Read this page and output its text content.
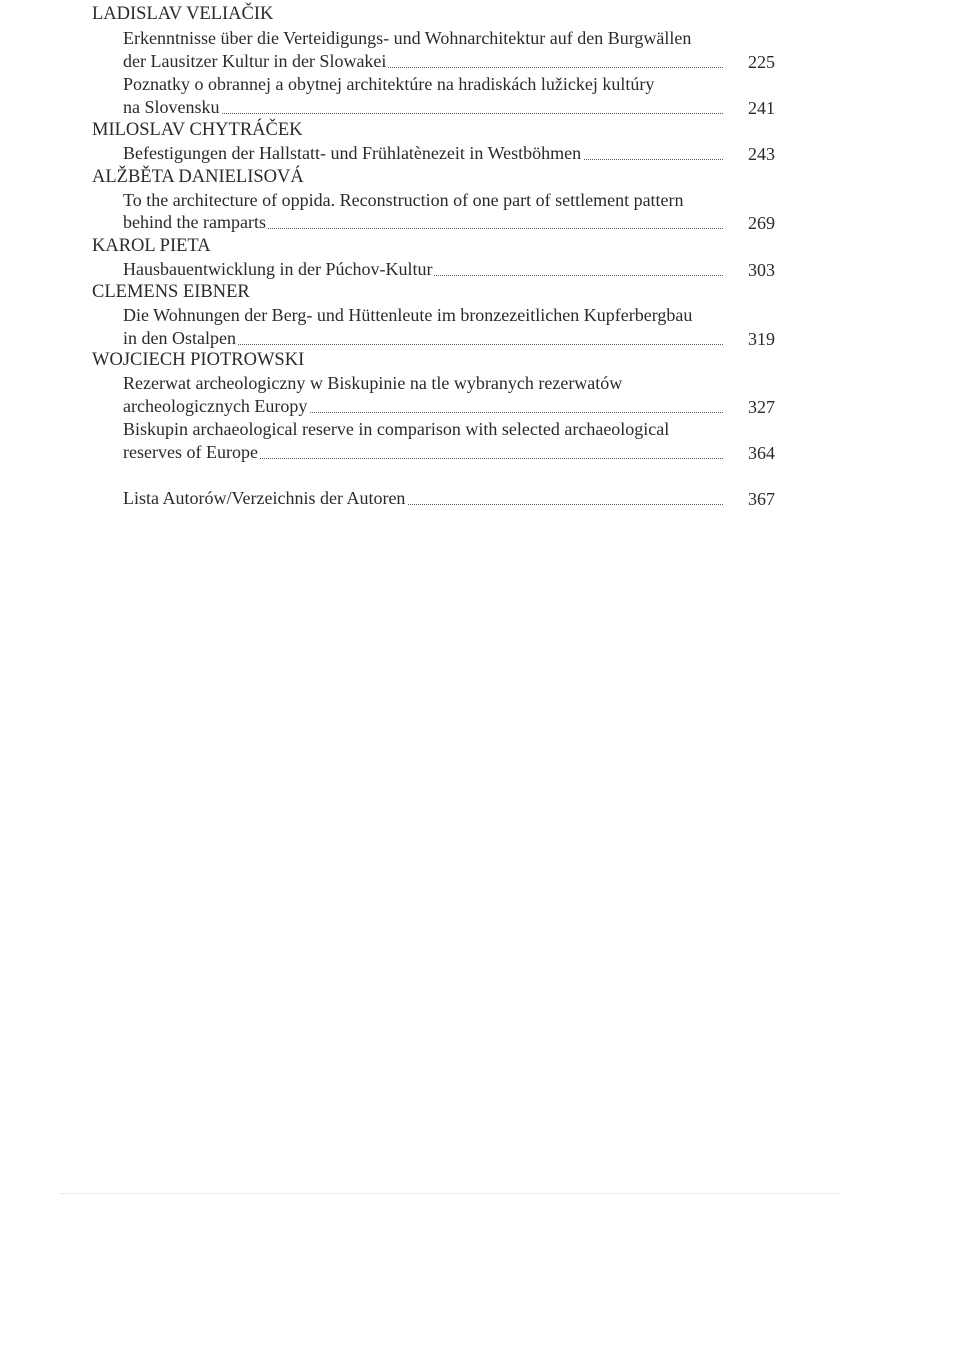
LADISLAV VELIAČIK
Erkenntnisse über die Verteidigungs- und Wohnarchitektur auf den Burgwällen
der Lausitzer Kultur in der Slowakei	225
Poznatky o obrannej a obytnej architektúre na hradiskách lužickej kultúry
na Slovensku	241
MILOSLAV CHYTRÁČEK
Befestigungen der Hallstatt- und Frühlatènezeit in Westböhmen	243
ALŽBĚTA DANIELISOVÁ
To the architecture of oppida. Reconstruction of one part of settlement pattern
behind the ramparts	269
KAROL PIETA
Hausbauentwicklung in der Púchov-Kultur	303
CLEMENS EIBNER
Die Wohnungen der Berg- und Hüttenleute im bronzezeitlichen Kupferbergbau
in den Ostalpen	319
WOJCIECH PIOTROWSKI
Rezerwat archeologiczny w Biskupinie na tle wybranych rezerwatów
archeologicznych Europy	327
Biskupin archaeological reserve in comparison with selected archaeological
reserves of Europe	364
Lista Autorów/Verzeichnis der Autoren	367
